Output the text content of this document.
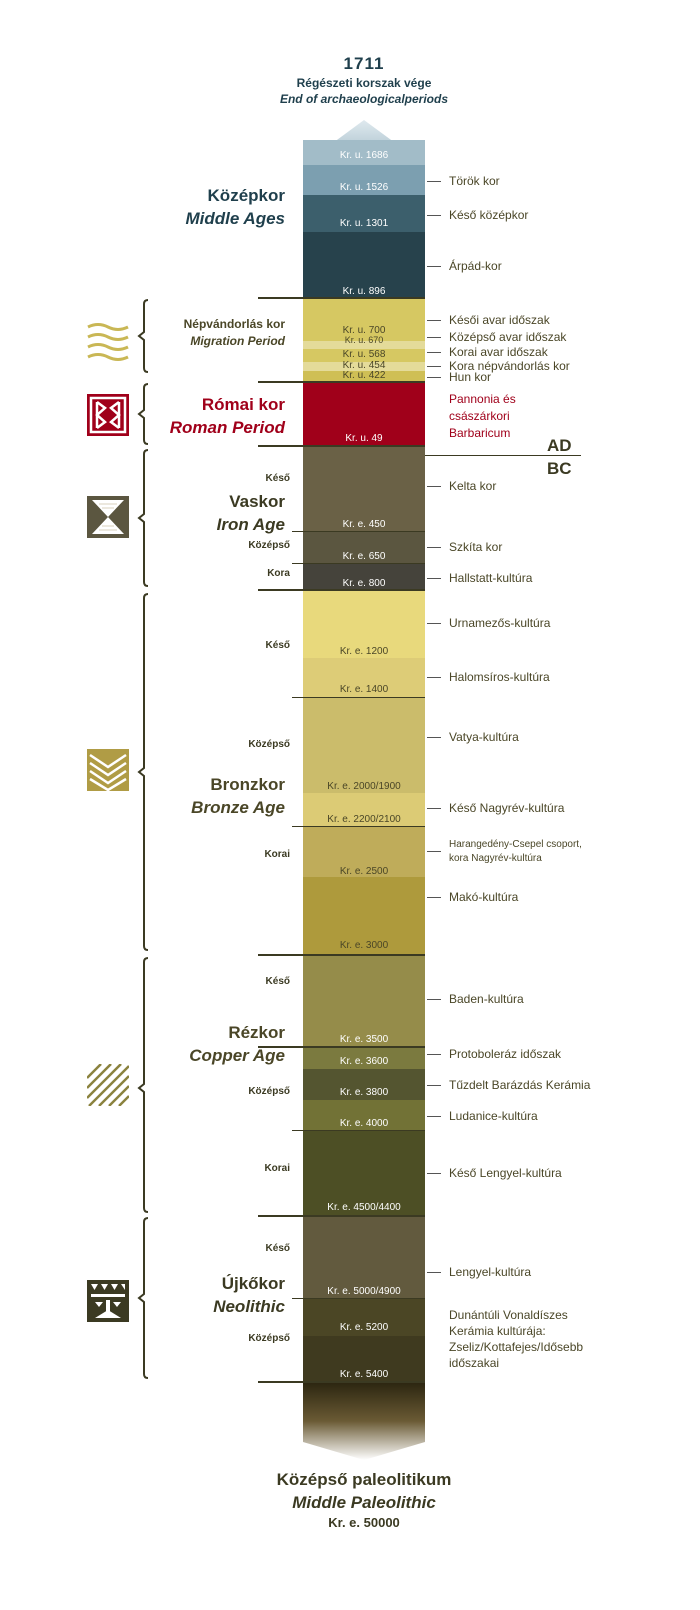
1711
Régészeti korszak vége
End of archaeologicalperiods
Kr. u. 1686
Kr. u. 1526
Kr. u. 1301
Kr. u. 896
Kr. u. 700
Kr. u. 670
Kr. u. 568
Kr. u. 454
Kr. u. 422
Kr. u. 49
Kr. e. 450
Kr. e. 650
Kr. e. 800
Kr. e. 1200
Kr. e. 1400
Kr. e. 2000/1900
Kr. e. 2200/2100
Kr. e. 2500
Kr. e. 3000
Kr. e. 3500
Kr. e. 3600
Kr. e. 3800
Kr. e. 4000
Kr. e. 4500/4400
Kr. e. 5000/4900
Kr. e. 5200
Kr. e. 5400
AD
BC
Középkor
Middle Ages
Népvándorlás kor
Migration Period
Római kor
Roman Period
Vaskor
Iron Age
Bronzkor
Bronze Age
Rézkor
Copper Age
Újkőkor
Neolithic
Késő
Középső
Kora
Késő
Középső
Korai
Késő
Középső
Korai
Késő
Középső
Török kor
Késő középkor
Árpád-kor
Késői avar időszak
Középső avar időszak
Korai avar időszak
Kora népvándorlás kor
Hun kor
Pannonia és
császárkori
Barbaricum
Kelta kor
Szkíta kor
Hallstatt-kultúra
Urnamezős-kultúra
Halomsíros-kultúra
Vatya-kultúra
Késő Nagyrév-kultúra
Harangedény-Csepel csoport,
kora Nagyrév-kultúra
Makó-kultúra
Baden-kultúra
Protoboleráz időszak
Tűzdelt Barázdás Kerámia
Ludanice-kultúra
Késő Lengyel-kultúra
Lengyel-kultúra
Dunántúli Vonaldíszes
Kerámia kultúrája:
Zseliz/Kottafejes/Idősebb
időszakai
Középső paleolitikum
Middle Paleolithic
Kr. e. 50000
